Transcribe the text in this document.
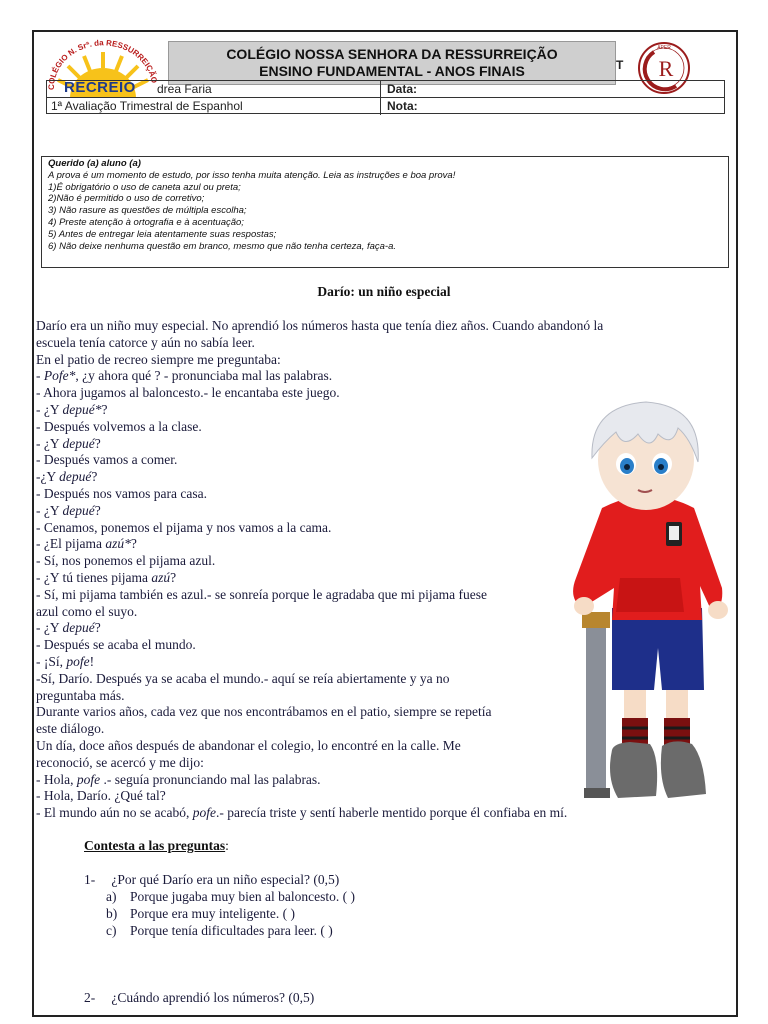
COLÉGIO N. Srª. da RESSURREIÇÃO
RECREIO
COLÉGIO NOSSA SENHORA DA RESSURREIÇÃO
ENSINO FUNDAMENTAL - ANOS FINAIS	T	R
APER
drea Faria	Data:
1ª Avaliação Trimestral de Espanhol	Nota:
Querido (a) aluno (a)
A prova é um momento de estudo, por isso tenha muita atenção. Leia as instruções e boa prova!
1)É obrigatório o uso de caneta azul ou preta;
2)Não é permitido o uso de corretivo;
3) Não rasure as questões de múltipla escolha;
4) Preste atenção à ortografia e à acentuação;
5) Antes de entregar leia atentamente suas respostas;
6) Não deixe nenhuma questão em branco, mesmo que não tenha certeza, faça-a.
Darío: un niño especial

Darío era un niño muy especial. No aprendió los números hasta que tenía diez años. Cuando abandonó la

escuela tenía catorce y aún no sabía leer.

En el patio de recreo siempre me preguntaba:

- Pofe*, ¿y ahora qué ? - pronunciaba mal las palabras.

- Ahora jugamos al baloncesto.- le encantaba este juego.

- ¿Y depué*?

- Después volvemos a la clase.

- ¿Y depué?

- Después vamos a comer.

-¿Y depué?

- Después nos vamos para casa.

- ¿Y depué?

- Cenamos, ponemos el pijama y nos vamos a la cama.

- ¿El pijama azú*?

- Sí, nos ponemos el pijama azul.

- ¿Y tú tienes pijama azú?

- Sí, mi pijama también es azul.- se sonreía porque le agradaba que mi pijama fuese

azul como el suyo.

- ¿Y depué?

- Después se acaba el mundo.

- ¡Sí, pofe!

-Sí, Darío. Después ya se acaba el mundo.- aquí se reía abiertamente y ya no

preguntaba más.

Durante varios años, cada vez que nos encontrábamos en el patio, siempre se repetía

este diálogo.

Un día, doce años después de abandonar el colegio, lo encontré en la calle. Me

reconoció, se acercó y me dijo:

- Hola, pofe .- seguía pronunciando mal las palabras.

- Hola, Darío. ¿Qué tal?

- El mundo aún no se acabó, pofe.- parecía triste y sentí haberle mentido porque él confiaba en mí.

Contesta a las preguntas:
1- ¿Por qué Darío era un niño especial? (0,5)
a) Porque jugaba muy bien al baloncesto. ( )
b) Porque era muy inteligente. ( )
c) Porque tenía dificultades para leer. ( )
2- ¿Cuándo aprendió los números? (0,5)
